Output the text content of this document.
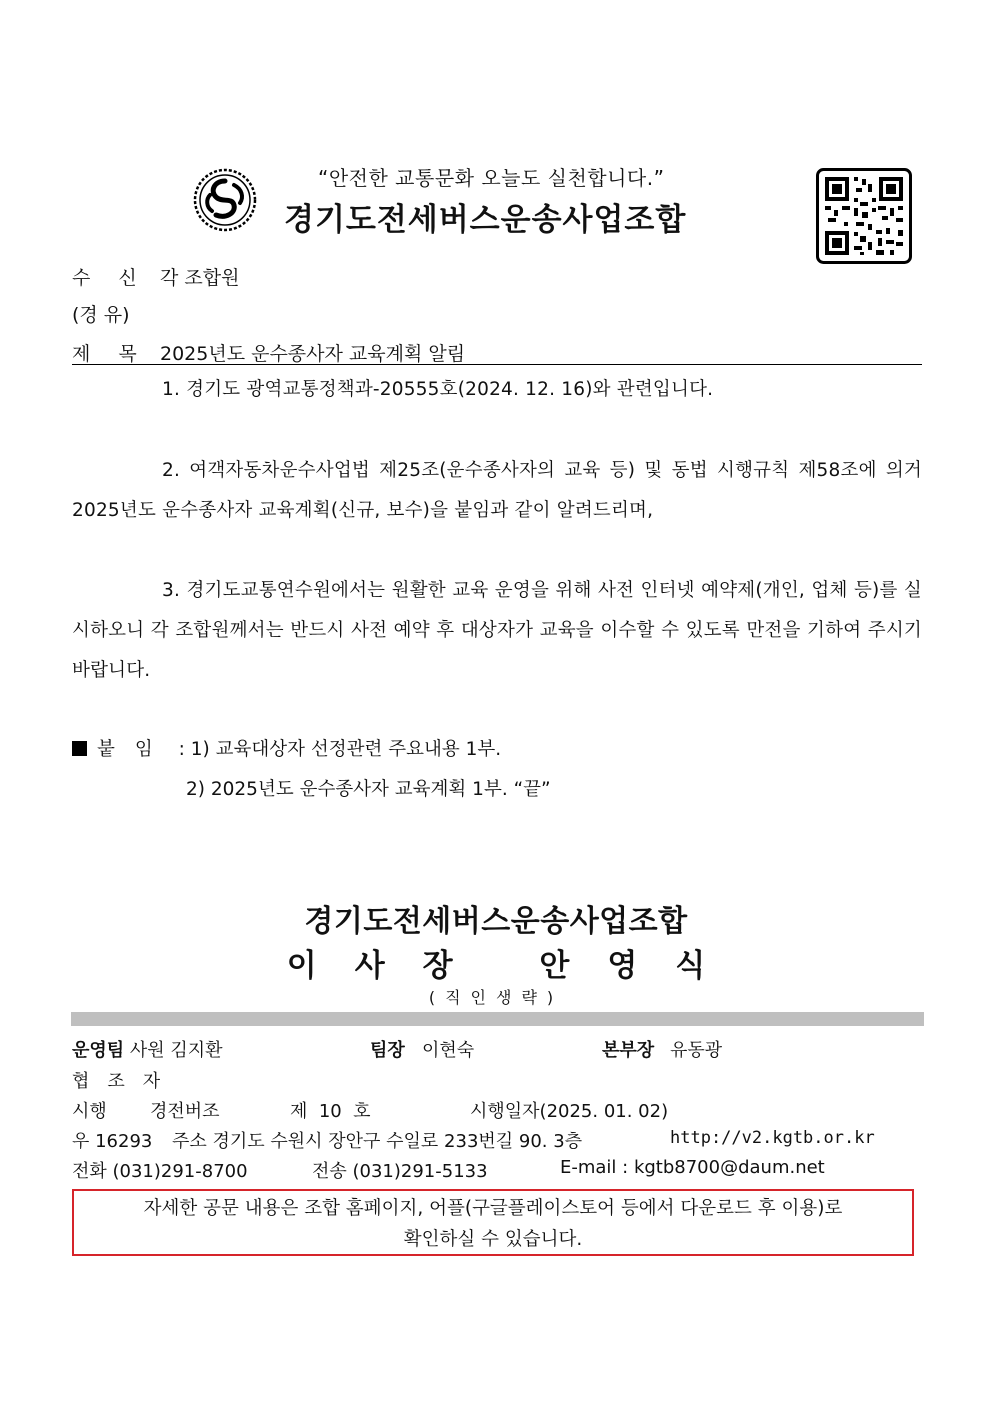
“안전한 교통문화 오늘도 실천합니다.”
경기도전세버스운송사업조합
수신각 조합원
(경 유)
제목2025년도 운수종사자 교육계획 알림
1. 경기도 광역교통정책과-20555호(2024. 12. 16)와 관련입니다.
2. 여객자동차운수사업법 제25조(운수종사자의 교육 등) 및 동법 시행규칙 제58조에 의거 2025년도 운수종사자 교육계획(신규, 보수)을 붙임과 같이 알려드리며,
3. 경기도교통연수원에서는 원활한 교육 운영을 위해 사전 인터넷 예약제(개인, 업체 등)를 실시하오니 각 조합원께서는 반드시 사전 예약 후 대상자가 교육을 이수할 수 있도록 만전을 기하여 주시기 바랍니다.
붙임 : 1) 교육대상자 선정관련 주요내용 1부.
2) 2025년도 운수종사자 교육계획 1부. “끝”
경기도전세버스운송사업조합
이사장 안영식
(직인생략)
운영팀 사원 김지환	팀장 이현숙	본부장 유동광
협조자
시행 경전버조	제  10  호	시행일자(2025. 01. 02)
우 16293 주소 경기도 수원시 장안구 수일로 233번길 90. 3층	http://v2.kgtb.or.kr
전화 (031)291-8700	전송 (031)291-5133	E-mail : kgtb8700@daum.net
자세한 공문 내용은 조합 홈페이지, 어플(구글플레이스토어 등에서 다운로드 후 이용)로
확인하실 수 있습니다.
